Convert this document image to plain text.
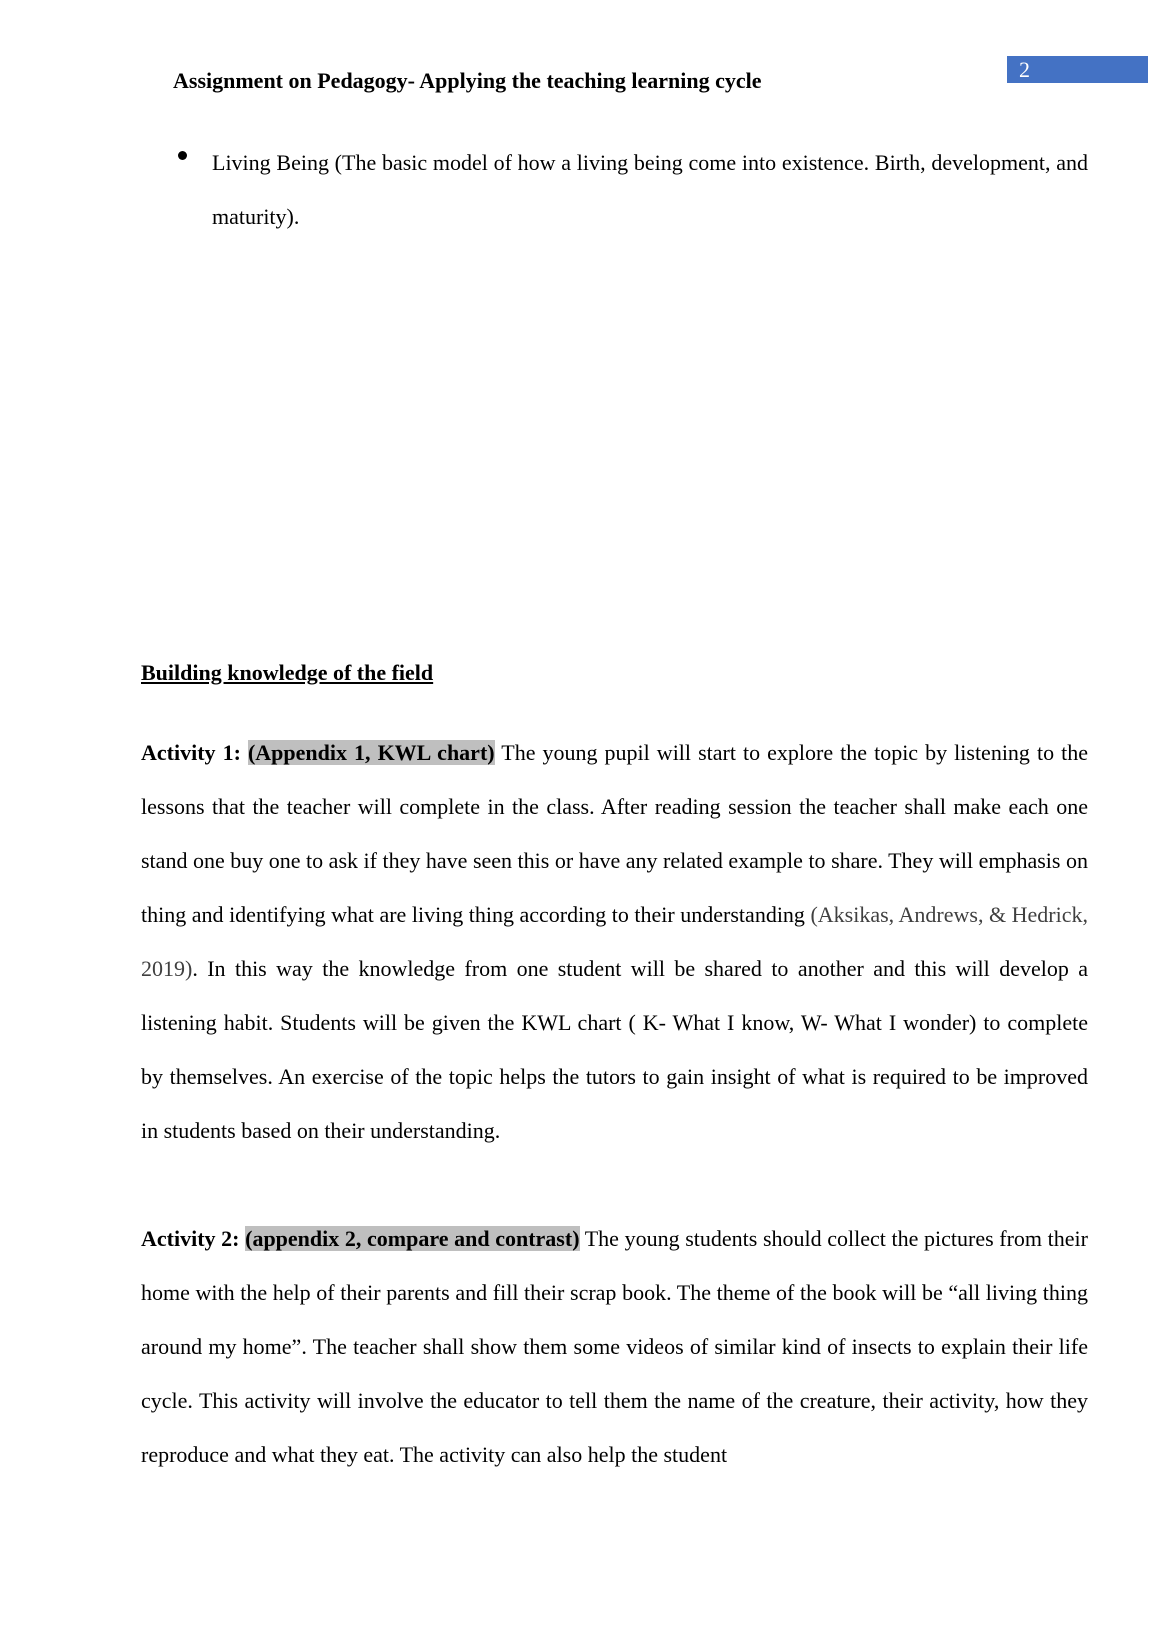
2
Assignment on Pedagogy- Applying the teaching learning cycle
Living Being (The basic model of how a living being come into existence. Birth, development, and maturity).
Building knowledge of the field

Activity 1: (Appendix 1, KWL chart) The young pupil will start to explore the topic by listening to the lessons that the teacher will complete in the class. After reading session the teacher shall make each one stand one buy one to ask if they have seen this or have any related example to share. They will emphasis on thing and identifying what are living thing according to their understanding (Aksikas, Andrews, & Hedrick, 2019). In this way the knowledge from one student will be shared to another and this will develop a listening habit. Students will be given the KWL chart ( K- What I know, W- What I wonder) to complete by themselves. An exercise of the topic helps the tutors to gain insight of what is required to be improved in students based on their understanding.

Activity 2: (appendix 2, compare and contrast) The young students should collect the pictures from their home with the help of their parents and fill their scrap book. The theme of the book will be “all living thing around my home”. The teacher shall show them some videos of similar kind of insects to explain their life cycle. This activity will involve the educator to tell them the name of the creature, their activity, how they reproduce and what they eat. The activity can also help the student
